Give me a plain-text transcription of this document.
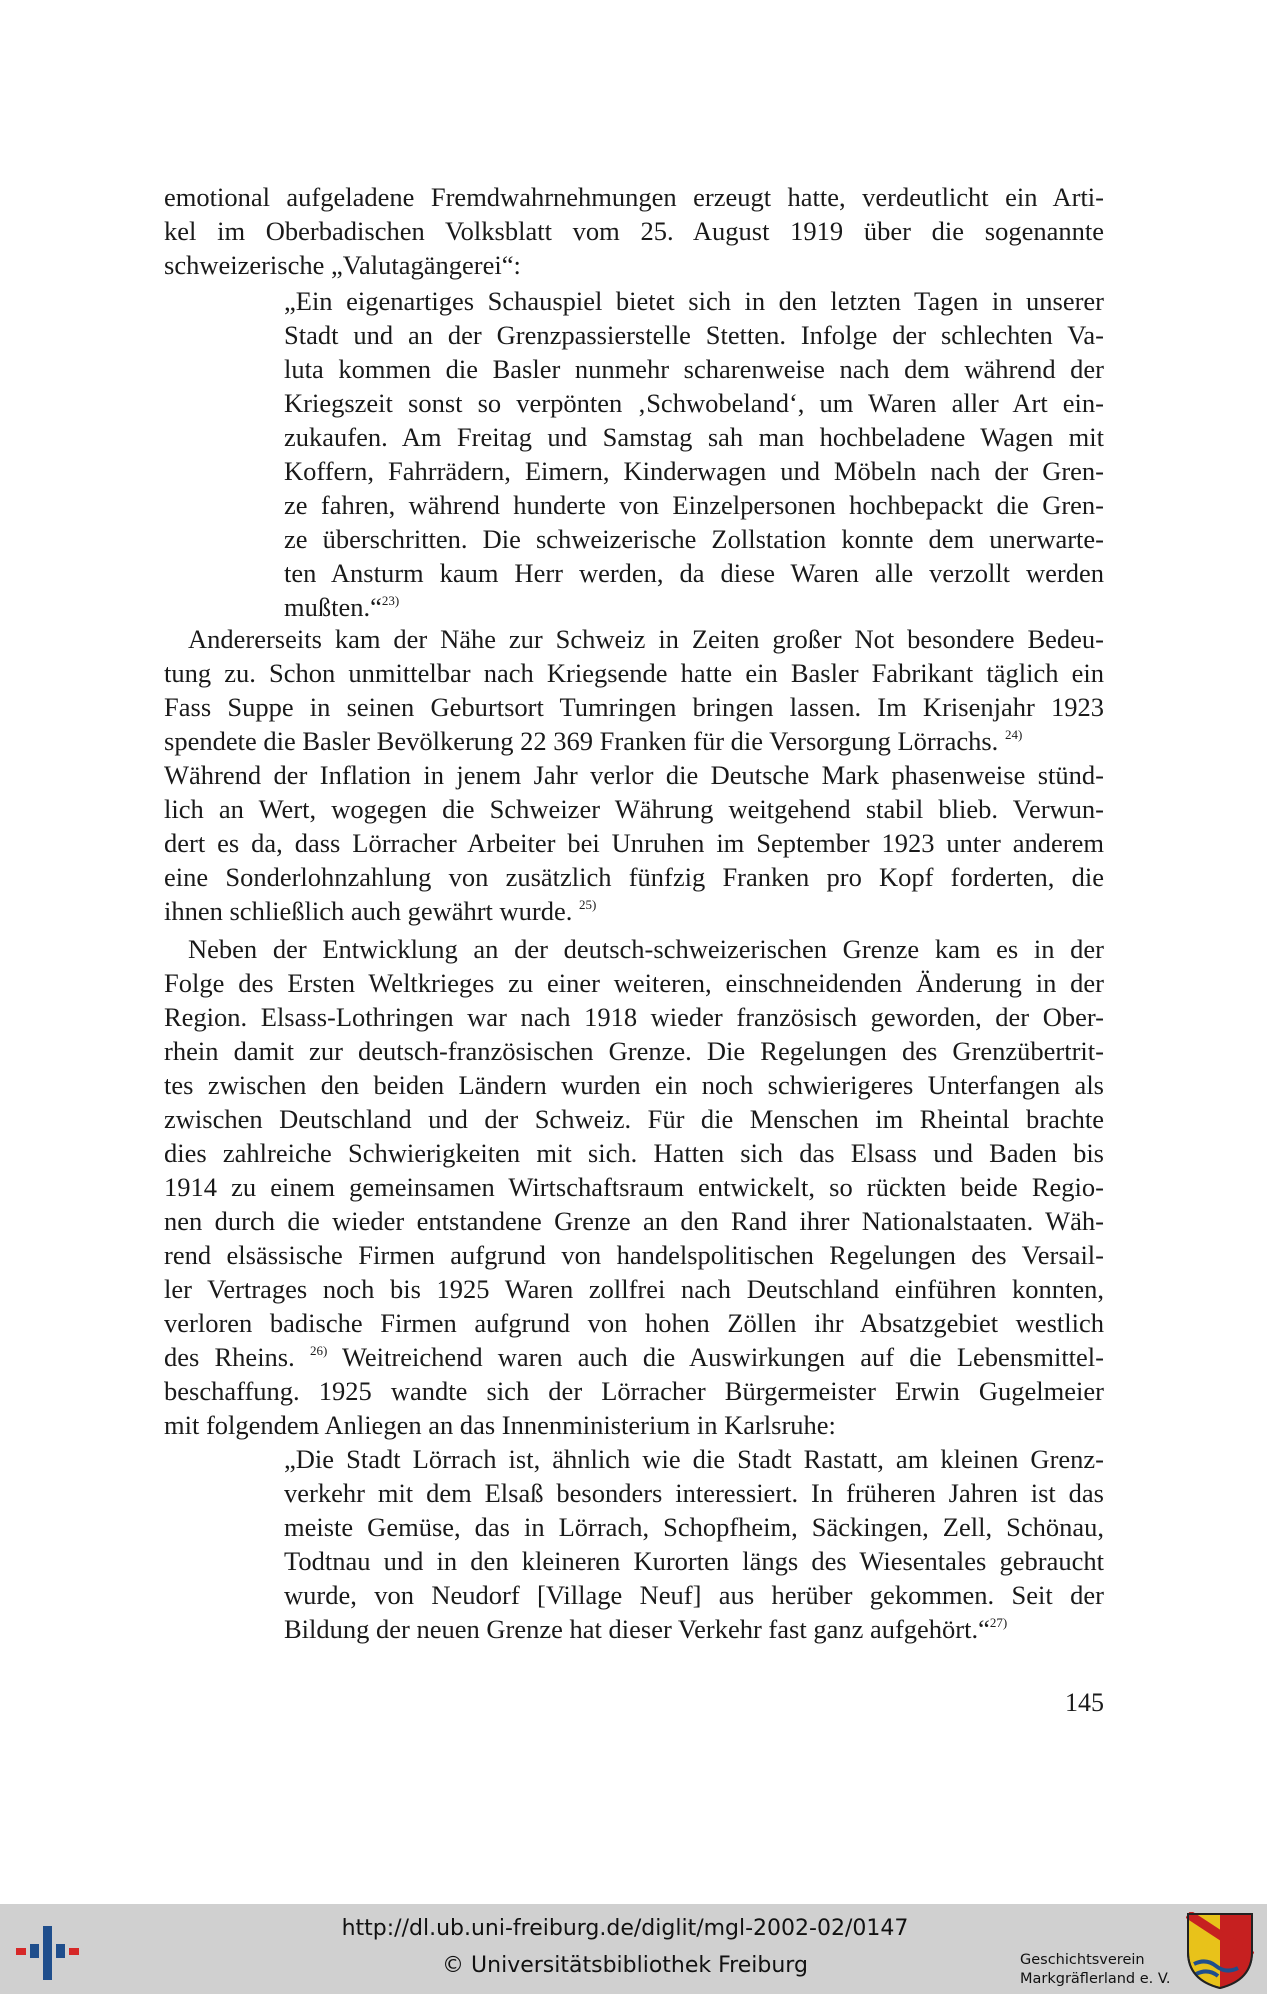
emotional aufgeladene Fremdwahrnehmungen erzeugt hatte, verdeutlicht ein Arti-
kel im Oberbadischen Volksblatt vom 25. August 1919 über die sogenannte
schweizerische „Valutagängerei“:
„Ein eigenartiges Schauspiel bietet sich in den letzten Tagen in unserer
Stadt und an der Grenzpassierstelle Stetten. Infolge der schlechten Va-
luta kommen die Basler nunmehr scharenweise nach dem während der
Kriegszeit sonst so verpönten ‚Schwobeland‘, um Waren aller Art ein-
zukaufen. Am Freitag und Samstag sah man hochbeladene Wagen mit
Koffern, Fahrrädern, Eimern, Kinderwagen und Möbeln nach der Gren-
ze fahren, während hunderte von Einzelpersonen hochbepackt die Gren-
ze überschritten. Die schweizerische Zollstation konnte dem unerwarte-
ten Ansturm kaum Herr werden, da diese Waren alle verzollt werden
mußten.“$^{23)}$
Andererseits kam der Nähe zur Schweiz in Zeiten großer Not besondere Bedeu-
tung zu. Schon unmittelbar nach Kriegsende hatte ein Basler Fabrikant täglich ein
Fass Suppe in seinen Geburtsort Tumringen bringen lassen. Im Krisenjahr 1923
spendete die Basler Bevölkerung 22 369 Franken für die Versorgung Lörrachs. $^{24)}$
Während der Inflation in jenem Jahr verlor die Deutsche Mark phasenweise stünd-
lich an Wert, wogegen die Schweizer Währung weitgehend stabil blieb. Verwun-
dert es da, dass Lörracher Arbeiter bei Unruhen im September 1923 unter anderem
eine Sonderlohnzahlung von zusätzlich fünfzig Franken pro Kopf forderten, die
ihnen schließlich auch gewährt wurde. $^{25)}$
Neben der Entwicklung an der deutsch-schweizerischen Grenze kam es in der
Folge des Ersten Weltkrieges zu einer weiteren, einschneidenden Änderung in der
Region. Elsass-Lothringen war nach 1918 wieder französisch geworden, der Ober-
rhein damit zur deutsch-französischen Grenze. Die Regelungen des Grenzübertrit-
tes zwischen den beiden Ländern wurden ein noch schwierigeres Unterfangen als
zwischen Deutschland und der Schweiz. Für die Menschen im Rheintal brachte
dies zahlreiche Schwierigkeiten mit sich. Hatten sich das Elsass und Baden bis
1914 zu einem gemeinsamen Wirtschaftsraum entwickelt, so rückten beide Regio-
nen durch die wieder entstandene Grenze an den Rand ihrer Nationalstaaten. Wäh-
rend elsässische Firmen aufgrund von handelspolitischen Regelungen des Versail-
ler Vertrages noch bis 1925 Waren zollfrei nach Deutschland einführen konnten,
verloren badische Firmen aufgrund von hohen Zöllen ihr Absatzgebiet westlich
des Rheins. $^{26)}$ Weitreichend waren auch die Auswirkungen auf die Lebensmittel-
beschaffung. 1925 wandte sich der Lörracher Bürgermeister Erwin Gugelmeier
mit folgendem Anliegen an das Innenministerium in Karlsruhe:
„Die Stadt Lörrach ist, ähnlich wie die Stadt Rastatt, am kleinen Grenz-
verkehr mit dem Elsaß besonders interessiert. In früheren Jahren ist das
meiste Gemüse, das in Lörrach, Schopfheim, Säckingen, Zell, Schönau,
Todtnau und in den kleineren Kurorten längs des Wiesentales gebraucht
wurde, von Neudorf [Village Neuf] aus herüber gekommen. Seit der
Bildung der neuen Grenze hat dieser Verkehr fast ganz aufgehört.“$^{27)}$
145
http://dl.ub.uni-freiburg.de/diglit/mgl-2002-02/0147
© Universitätsbibliothek Freiburg	Geschichtsverein
Markgräflerland e. V.
